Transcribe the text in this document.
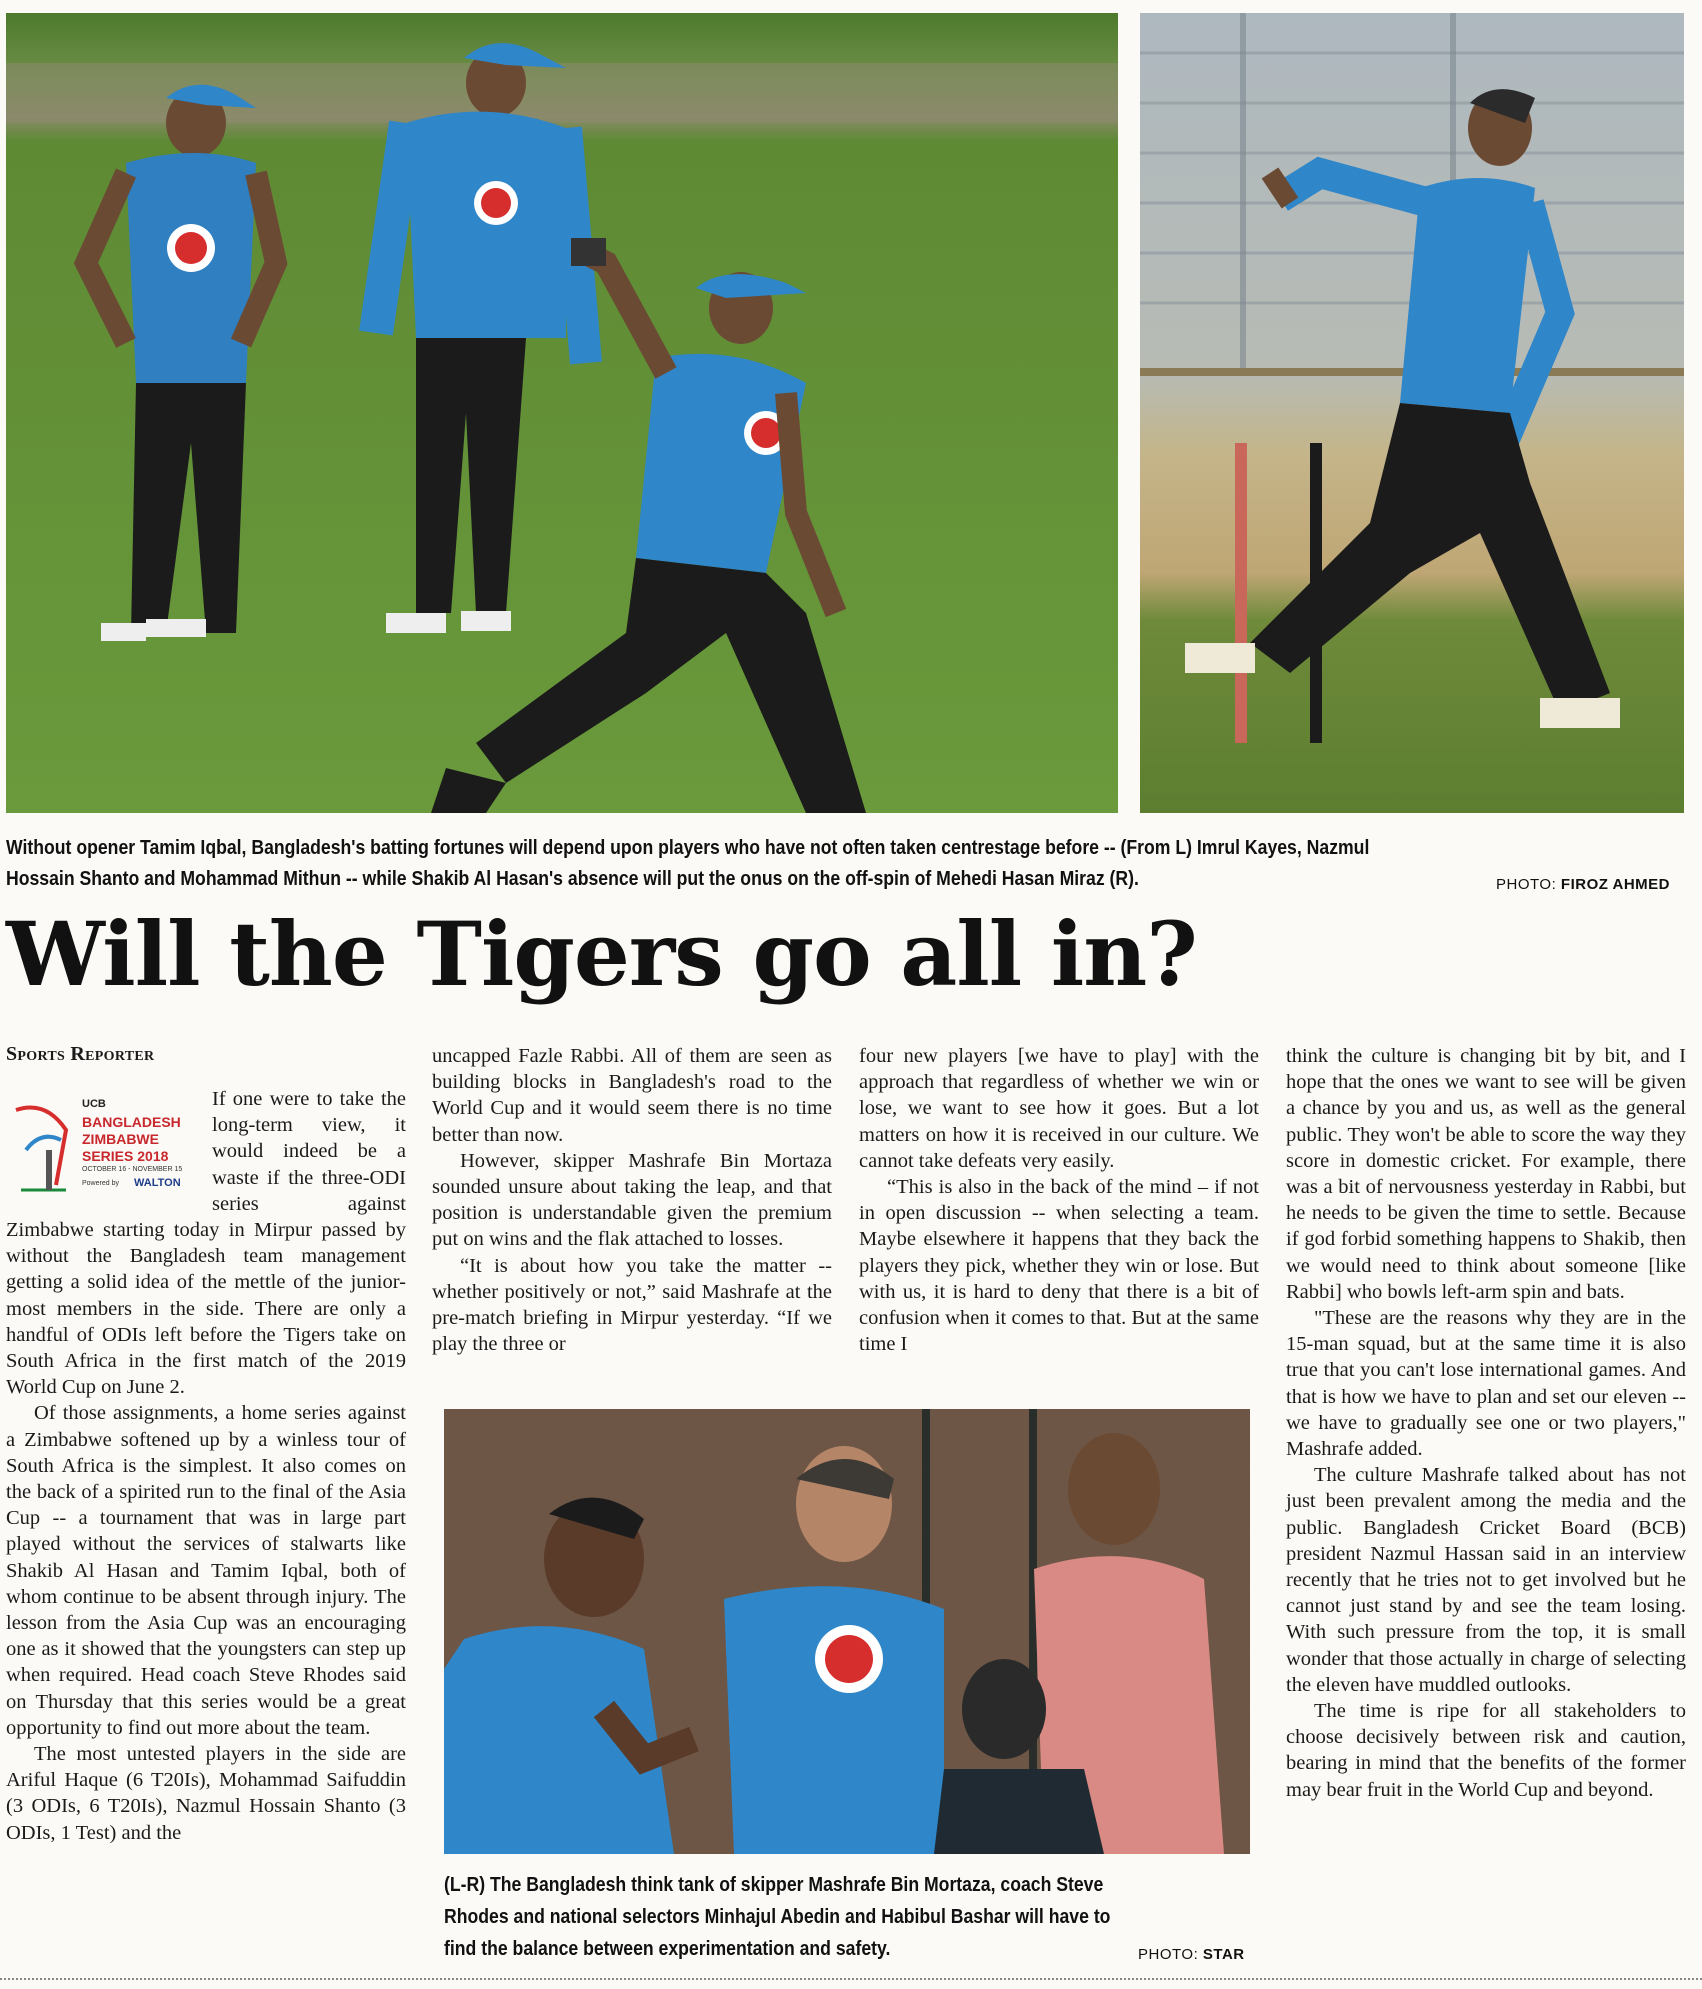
Without opener Tamim Iqbal, Bangladesh's batting fortunes will depend upon players who have not often taken centrestage before -- (From L) Imrul Kayes, Nazmul
Hossain Shanto and Mohammad Mithun -- while Shakib Al Hasan's absence will put the onus on the off-spin of Mehedi Hasan Miraz (R).	PHOTO: FIROZ AHMED
Will the Tigers go all in?
Sports Reporter
UCB
BANGLADESH
ZIMBABWE
SERIES 2018
OCTOBER 16 - NOVEMBER 15
Powered by WALTON

If one were to take the long-term view, it would indeed be a waste if the three-ODI series against Zimbabwe starting today in Mirpur passed by without the Bangladesh team management getting a solid idea of the mettle of the junior-most members in the side. There are only a handful of ODIs left before the Tigers take on South Africa in the first match of the 2019 World Cup on June 2.

Of those assignments, a home series against a Zimbabwe softened up by a winless tour of South Africa is the simplest. It also comes on the back of a spirited run to the final of the Asia Cup -- a tournament that was in large part played without the services of stalwarts like Shakib Al Hasan and Tamim Iqbal, both of whom continue to be absent through injury. The lesson from the Asia Cup was an encouraging one as it showed that the youngsters can step up when required. Head coach Steve Rhodes said on Thursday that this series would be a great opportunity to find out more about the team.

The most untested players in the side are Ariful Haque (6 T20Is), Mohammad Saifuddin (3 ODIs, 6 T20Is), Nazmul Hossain Shanto (3 ODIs, 1 Test) and the

uncapped Fazle Rabbi. All of them are seen as building blocks in Bangladesh's road to the World Cup and it would seem there is no time better than now.

However, skipper Mashrafe Bin Mortaza sounded unsure about taking the leap, and that position is understandable given the premium put on wins and the flak attached to losses.

“It is about how you take the matter -- whether positively or not,” said Mashrafe at the pre-match briefing in Mirpur yesterday. “If we play the three or

four new players [we have to play] with the approach that regardless of whether we win or lose, we want to see how it goes. But a lot matters on how it is received in our culture. We cannot take defeats very easily.

“This is also in the back of the mind – if not in open discussion -- when selecting a team. Maybe elsewhere it happens that they back the players they pick, whether they win or lose. But with us, it is hard to deny that there is a bit of confusion when it comes to that. But at the same time I

think the culture is changing bit by bit, and I hope that the ones we want to see will be given a chance by you and us, as well as the general public. They won't be able to score the way they score in domestic cricket. For example, there was a bit of nervousness yesterday in Rabbi, but he needs to be given the time to settle. Because if god forbid something happens to Shakib, then we would need to think about someone [like Rabbi] who bowls left-arm spin and bats.

"These are the reasons why they are in the 15-man squad, but at the same time it is also true that you can't lose international games. And that is how we have to plan and set our eleven -- we have to gradually see one or two players," Mashrafe added.

The culture Mashrafe talked about has not just been prevalent among the media and the public. Bangladesh Cricket Board (BCB) president Nazmul Hassan said in an interview recently that he tries not to get involved but he cannot just stand by and see the team losing. With such pressure from the top, it is small wonder that those actually in charge of selecting the eleven have muddled outlooks.

The time is ripe for all stakeholders to choose decisively between risk and caution, bearing in mind that the benefits of the former may bear fruit in the World Cup and beyond.

(L-R) The Bangladesh think tank of skipper Mashrafe Bin Mortaza, coach Steve
Rhodes and national selectors Minhajul Abedin and Habibul Bashar will have to
find the balance between experimentation and safety.	PHOTO: STAR
